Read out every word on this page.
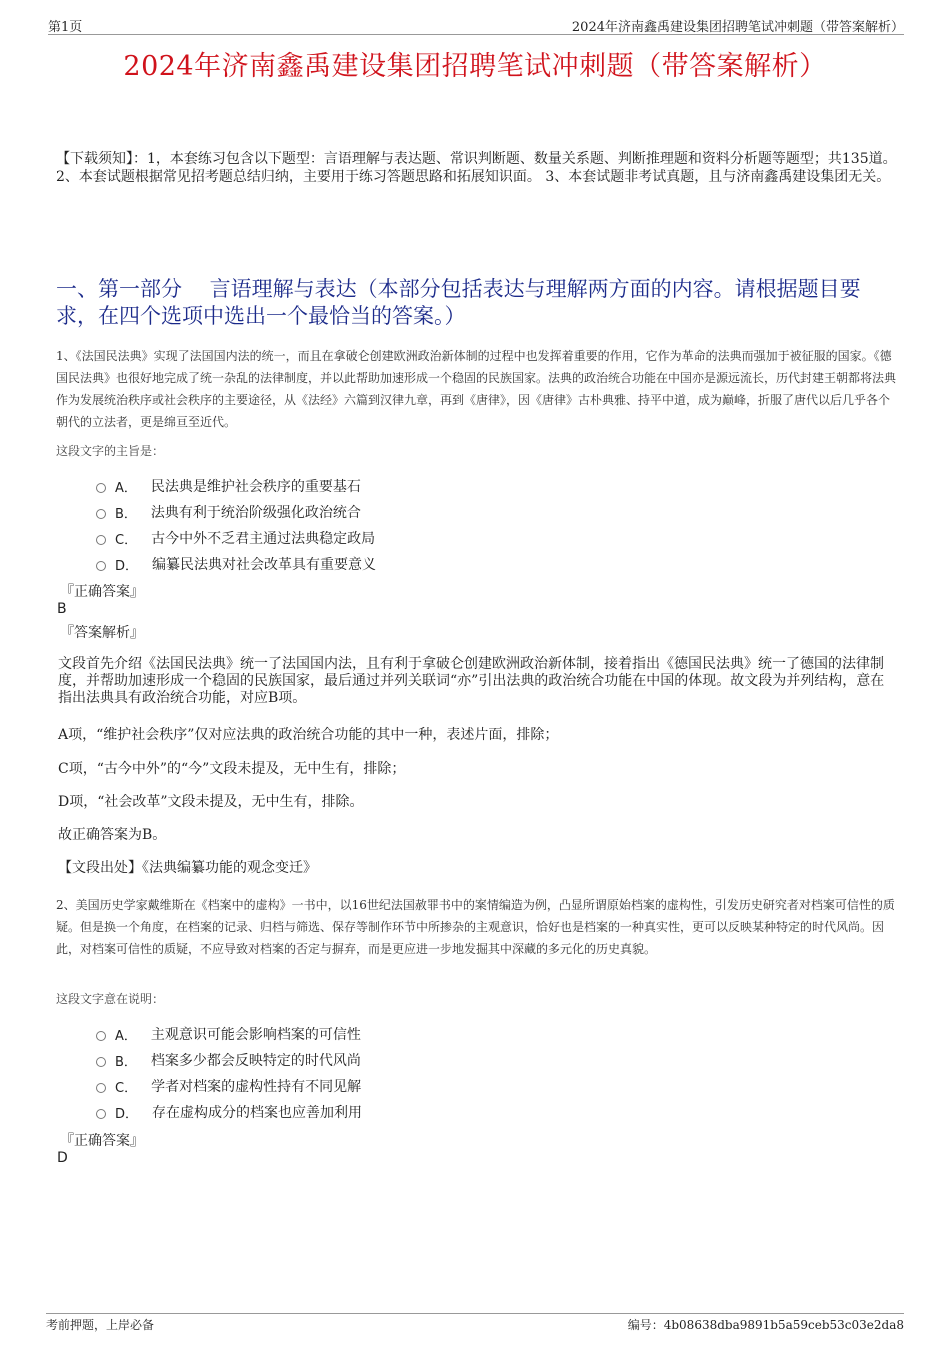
第1页	2024年济南鑫禹建设集团招聘笔试冲刺题（带答案解析）
2024年济南鑫禹建设集团招聘笔试冲刺题（带答案解析）
【下载须知】：1，本套练习包含以下题型：言语理解与表达题、常识判断题、数量关系题、判断推理题和资料分析题等题型；共135道。 2、本套试题根据常见招考题总结归纳，主要用于练习答题思路和拓展知识面。 3、本套试题非考试真题，且与济南鑫禹建设集团无关。
一、第一部分　 言语理解与表达（本部分包括表达与理解两方面的内容。请根据题目要求，在四个选项中选出一个最恰当的答案。）
1、《法国民法典》实现了法国国内法的统一，而且在拿破仑创建欧洲政治新体制的过程中也发挥着重要的作用，它作为革命的法典而强加于被征服的国家。《德国民法典》也很好地完成了统一杂乱的法律制度，并以此帮助加速形成一个稳固的民族国家。法典的政治统合功能在中国亦是源远流长，历代封建王朝都将法典作为发展统治秩序或社会秩序的主要途径，从《法经》六篇到汉律九章，再到《唐律》，因《唐律》古朴典雅、持平中道，成为巅峰，折服了唐代以后几乎各个朝代的立法者，更是绵亘至近代。
这段文字的主旨是：
A． 民法典是维护社会秩序的重要基石
B． 法典有利于统治阶级强化政治统合
C． 古今中外不乏君主通过法典稳定政局
D． 编纂民法典对社会改革具有重要意义
『正确答案』
B
『答案解析』
文段首先介绍《法国民法典》统一了法国国内法，且有利于拿破仑创建欧洲政治新体制，接着指出《德国民法典》统一了德国的法律制度，并帮助加速形成一个稳固的民族国家，最后通过并列关联词“亦”引出法典的政治统合功能在中国的体现。故文段为并列结构，意在指出法典具有政治统合功能，对应B项。
A项，“维护社会秩序”仅对应法典的政治统合功能的其中一种，表述片面，排除；
C项，“古今中外”的“今”文段未提及，无中生有，排除；
D项，“社会改革”文段未提及，无中生有，排除。
故正确答案为B。
【文段出处】《法典编纂功能的观念变迁》
2、美国历史学家戴维斯在《档案中的虚构》一书中，以16世纪法国赦罪书中的案情编造为例，凸显所谓原始档案的虚构性，引发历史研究者对档案可信性的质疑。但是换一个角度，在档案的记录、归档与筛选、保存等制作环节中所掺杂的主观意识，恰好也是档案的一种真实性，更可以反映某种特定的时代风尚。因此，对档案可信性的质疑，不应导致对档案的否定与摒弃，而是更应进一步地发掘其中深藏的多元化的历史真貌。
这段文字意在说明：
A． 主观意识可能会影响档案的可信性
B． 档案多少都会反映特定的时代风尚
C． 学者对档案的虚构性持有不同见解
D． 存在虚构成分的档案也应善加利用
『正确答案』
D
考前押题，上岸必备	编号：4b08638dba9891b5a59ceb53c03e2da8
